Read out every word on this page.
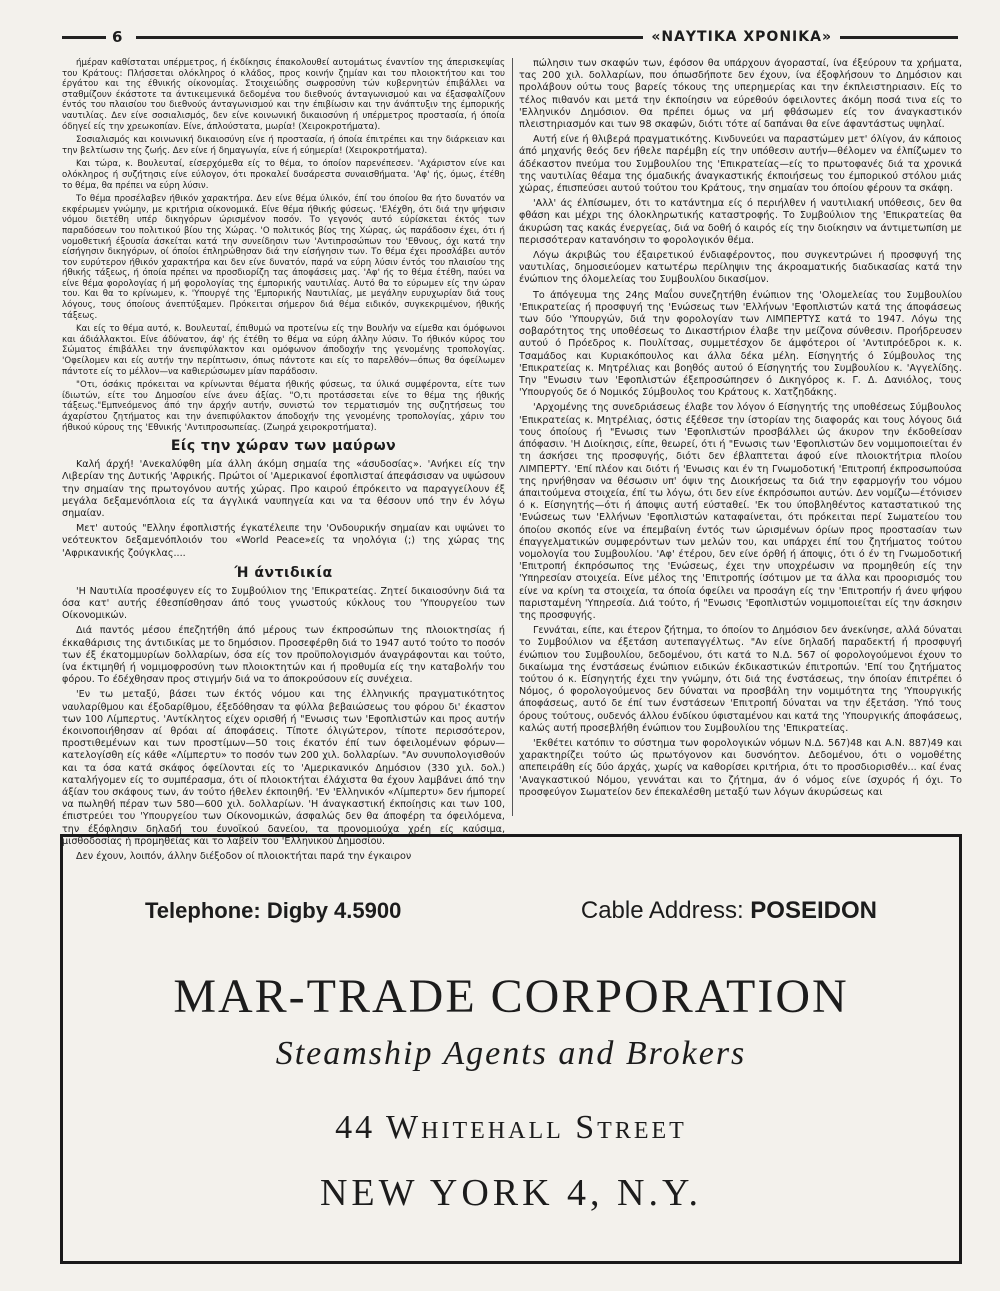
6	«ΝΑΥΤΙΚΑ ΧΡΟΝΙΚΑ»

ήμέραν καθίσταται υπέρμετρος, ή έκδίκησις έπακολουθεί αυτομάτως έναντίον της άπερισκεψίας του Κράτους: Πλήσσεται ολόκληρος ό κλάδος, προς κοινήν ζημίαν και του πλοιοκτήτου και του έργάτου και της έθνικής οίκονομίας. Στοιχειώδης σωφροσύνη τών κυβερνητών έπιβάλλει να σταθμίζουν έκάστοτε τα άντικειμενικά δεδομένα του διεθνούς άνταγωνισμού και να έξασφαλίζουν έντός του πλαισίου του διεθνούς άνταγωνισμού και την έπιβίωσιν και την άνάπτυξιν της έμπορικής ναυτιλίας. Δεν είνε σοσιαλισμός, δεν είνε κοινωνική δικαιοσύνη ή υπέρμετρος προστασία, ή όποία όδηγεί είς την χρεωκοπίαν. Είνε, άπλούστατα, μωρία! (Χειροκροτήματα).

Σοσιαλισμός και κοινωνική δικαιοσύνη είνε ή προστασία, ή όποία έπιτρέπει και την διάρκειαν και την βελτίωσιν της ζωής. Δεν είνε ή δημαγωγία, είνε ή εύημερία! (Χειροκροτήματα).

Και τώρα, κ. Βουλευταί, είσερχόμεθα είς το θέμα, το όποίον παρενέπεσεν. 'Αχάριστον είνε και ολόκληρος ή συζήτησις είνε εύλογον, ότι προκαλεί δυσάρεστα συναισθήματα. 'Αφ' ής, όμως, έτέθη το θέμα, θα πρέπει να εύρη λύσιν.

Το θέμα προσέλαβεν ήθικόν χαρακτήρα. Δεν είνε θέμα ύλικόν, έπί του όποίου θα ήτο δυνατόν να εκφέρωμεν γνώμην, με κριτήρια οίκονομικά. Είνε θέμα ήθικής φύσεως. 'Ελέχθη, ότι διά την ψήφισιν νόμου διετέθη υπέρ δικηγόρων ώρισμένον ποσόν. Το γεγονός αυτό εύρίσκεται έκτός των παραδόσεων του πολιτικού βίου της Χώρας. 'Ο πολιτικός βίος της Χώρας, ώς παράδοσιν έχει, ότι ή νομοθετική έξουσία άσκείται κατά την συνείδησιν των 'Αντιπροσώπων του 'Εθνους, όχι κατά την είσήγησιν δικηγόρων, οί όποίοι έπληρώθησαν διά την είσήγησιν των. Το θέμα έχει προσλάβει αυτόν τον ευρύτερον ήθικόν χαρακτήρα και δεν είνε δυνατόν, παρά να εύρη λύσιν έντός του πλαισίου της ήθικής τάξεως, ή όποία πρέπει να προσδιορίζη τας άποφάσεις μας. 'Αφ' ής το θέμα έτέθη, παύει να είνε θέμα φορολογίας ή μή φορολογίας της έμπορικής ναυτιλίας. Αυτό θα το εύρωμεν είς την ώραν του. Και θα το κρίνωμεν, κ. 'Υπουργέ της 'Εμπορικής Ναυτιλίας, με μεγάλην ευρυχωρίαν διά τους λόγους, τους όποίους άνεπτύξαμεν. Πρόκειται σήμερον διά θέμα ειδικόν, συγκεκριμένον, ήθικής τάξεως.

Και είς το θέμα αυτό, κ. Βουλευταί, έπιθυμώ να προτείνω είς την Βουλήν να είμεθα και όμόφωνοι και άδιάλλακτοι. Είνε άδύνατον, άφ' ής έτέθη το θέμα να εύρη άλλην λύσιν. Το ήθικόν κύρος του Σώματος έπιβάλλει την άνεπιφύλακτον και ομόφωνον άποδοχήν της γενομένης τροπολογίας. 'Οφείλομεν και είς αυτήν την περίπτωσιν, όπως πάντοτε και είς το παρελθόν—όπως θα όφείλωμεν πάντοτε είς το μέλλον—να καθιερώσωμεν μίαν παράδοσιν.

"Οτι, όσάκις πρόκειται να κρίνωνται θέματα ήθικής φύσεως, τα ύλικά συμφέροντα, είτε των ίδιωτών, είτε του Δημοσίου είνε άνευ άξίας. "Ο,τι προτάσσεται είνε το θέμα της ήθικής τάξεως."Εμπνεόμενος άπό την άρχήν αυτήν, συνιστώ τον τερματισμόν της συζητήσεως του άχαρίστου ζητήματος και την άνεπιφύλακτον άποδοχήν της γενομένης τροπολογίας, χάριν του ήθικού κύρους της 'Εθνικής 'Αντιπροσωπείας. (Ζωηρά χειροκροτήματα).

Είς την χώραν των μαύρων

Καλή άρχή! 'Ανεκαλύφθη μία άλλη άκόμη σημαία της «άσυδοσίας». 'Ανήκει είς την Λιβερίαν της Δυτικής 'Αφρικής. Πρώτοι οί 'Αμερικανοί έφοπλισταί άπεφάσισαν να υψώσουν την σημαίαν της πρωτογόνου αυτής χώρας. Προ καιρού έπρόκειτο να παραγγείλουν έξ μεγάλα δεξαμενόπλοια είς τα άγγλικά ναυπηγεία και να τα θέσουν υπό την έν λόγω σημαίαν.

Μετ' αυτούς "Ελλην έφοπλιστής έγκατέλειπε την 'Ονδουρικήν σημαίαν και υψώνει το νεότευκτον δεξαμενόπλοιόν του «World Peace»είς τα νηολόγια (;) της χώρας της 'Αφρικανικής ζούγκλας....

Ή άντιδικία

'Η Ναυτιλία προσέφυγεν είς το Συμβούλιον της 'Επικρατείας. Ζητεί δικαιοσύνην διά τα όσα κατ' αυτής έθεσπίσθησαν άπό τους γνωστούς κύκλους του 'Υπουργείου των Οίκονομικών.

Διά παντός μέσου έπεζητήθη άπό μέρους των έκπροσώπων της πλοιοκτησίας ή έκκαθάρισις της άντιδικίας με το δημόσιον. Προσεφέρθη διά το 1947 αυτό τούτο το ποσόν των έξ έκατομμυρίων δολλαρίων, όσα είς τον προϋπολογισμόν άναγράφονται και τούτο, ίνα έκτιμηθή ή νομιμοφροσύνη των πλοιοκτητών και ή προθυμία είς την καταβολήν του φόρου. Το έδέχθησαν προς στιγμήν διά να το άποκρούσουν είς συνέχεια.

'Εν τω μεταξύ, βάσει των έκτός νόμου και της έλληνικής πραγματικότητος ναυλαρίθμου και έξοδαρίθμου, έξεδόθησαν τα φύλλα βεβαιώσεως του φόρου δι' έκαστον των 100 Λίμπερτυς. 'Αντίκλητος είχεν ορισθή ή "Ενωσις των 'Εφοπλιστών και προς αυτήν έκοινοποιήθησαν αί θρόαι αί άποφάσεις. Τίποτε όλιγώτερον, τίποτε περισσότερον, προστιθεμένων και των προστίμων—50 τοις έκατόν έπί των όφειλομένων φόρων—κατελογίσθη είς κάθε «Λίμπερτυ» το ποσόν των 200 χιλ. δολλαρίων. "Αν συνυπολογισθούν και τα όσα κατά σκάφος όφείλονται είς το 'Αμερικανικόν Δημόσιον (330 χιλ. δολ.) καταλήγομεν είς το συμπέρασμα, ότι οί πλοιοκτήται έλάχιστα θα έχουν λαμβάνει άπό την άξίαν του σκάφους των, άν τούτο ήθελεν έκποιηθή. 'Εν 'Ελληνικόν «Λίμπερτυ» δεν ήμπορεί να πωληθή πέραν των 580—600 χιλ. δολλαρίων. 'Η άναγκαστική έκποίησις και των 100, έπιστρεύει του 'Υπουργείου των Οίκονομικών, άσφαλώς δεν θα άποφέρη τα όφειλόμενα, την έξόφλησιν δηλαδή του έυνοϊκού δανείου, τα προνομιούχα χρέη είς καύσιμα, μισθοδοσίας ή προμηθείας και το λαβείν του 'Ελληνικού Δημοσίου.

Δεν έχουν, λοιπόν, άλλην διέξοδον οί πλοιοκτήται παρά την έγκαιρον

πώλησιν των σκαφών των, έφόσον θα υπάρχουν άγορασταί, ίνα έξεύρουν τα χρήματα, τας 200 χιλ. δολλαρίων, που όπωσδήποτε δεν έχουν, ίνα έξοφλήσουν το Δημόσιον και προλάβουν ούτω τους βαρείς τόκους της υπερημερίας και την έκπλειστηριασιν. Είς το τέλος πιθανόν και μετά την έκποίησιν να εύρεθούν όφειλοντες άκόμη ποσά τινα είς το 'Ελληνικόν Δημόσιον. Θα πρέπει όμως να μή φθάσωμεν είς τον άναγκαστικόν πλειστηριασμόν και των 98 σκαφών, διότι τότε αί δαπάναι θα είνε άφαντάστως υψηλαί.

Αυτή είνε ή θλιβερά πραγματικότης. Κινδυνεύει να παραστώμεν μετ' όλίγον, άν κάποιος άπό μηχανής θεός δεν ήθελε παρέμβη είς την υπόθεσιν αυτήν—θέλομεν να έλπίζωμεν το άδέκαστον πνεύμα του Συμβουλίου της 'Επικρατείας—είς το πρωτοφανές διά τα χρονικά της ναυτιλίας θέαμα της όμαδικής άναγκαστικής έκποιήσεως του έμπορικού στόλου μιάς χώρας, έπισπεύσει αυτού τούτου του Κράτους, την σημαίαν του όποίου φέρουν τα σκάφη.

'Αλλ' άς έλπίσωμεν, ότι το κατάντημα είς ό περιήλθεν ή ναυτιλιακή υπόθεσις, δεν θα φθάση και μέχρι της όλοκληρωτικής καταστροφής. Το Συμβούλιον της 'Επικρατείας θα άκυρώση τας κακάς ένεργείας, διά να δοθή ό καιρός είς την διοίκησιν να άντιμετωπίση με περισσότεραν κατανόησιν το φορολογικόν θέμα.

Λόγω άκριβώς του έξαιρετικού ένδιαφέροντος, που συγκεντρώνει ή προσφυγή της ναυτιλίας, δημοσιεύομεν κατωτέρω περίληψιν της άκροαματικής διαδικασίας κατά την ένώπιον της όλομελείας του Συμβουλίου δικασίμον.

Το άπόγευμα της 24ης Μαΐου συνεζητήθη ένώπιον της 'Ολομελείας του Συμβουλίου 'Επικρατείας ή προσφυγή της 'Ενώσεως των 'Ελλήνων 'Εφοπλιστών κατά της άποφάσεως των δύο 'Υπουργών, διά την φορολογίαν των ΛΙΜΠΕΡΤΥΣ κατά το 1947. Λόγω της σοβαρότητος της υποθέσεως το Δικαστήριον έλαβε την μείζονα σύνθεσιν. Προήδρευσεν αυτού ό Πρόεδρος κ. Πουλίτσας, συμμετέσχον δε άμφότεροι οί 'Αντιπρόεδροι κ. κ. Τσαμάδος και Κυριακόπουλος και άλλα δέκα μέλη. Είσηγητής ό Σύμβουλος της 'Επικρατείας κ. Μητρέλιας και βοηθός αυτού ό Είσηγητής του Συμβουλίου κ. 'Αγγελίδης. Την "Ενωσιν των 'Εφοπλιστών έξεπροσώπησεν ό Δικηγόρος κ. Γ. Δ. Δανιόλος, τους 'Υπουργούς δε ό Νομικός Σύμβουλος του Κράτους κ. Χατζηδάκης.

'Αρχομένης της συνεδριάσεως έλαβε τον λόγον ό Είσηγητής της υποθέσεως Σύμβουλος 'Επικρατείας κ. Μητρέλιας, όστις έξέθεσε την ίστορίαν της διαφοράς και τους λόγους διά τους όποίους ή "Ενωσις των 'Εφοπλιστών προσβάλλει ώς άκυρον την έκδοθείσαν άπόφασιν. 'Η Διοίκησις, είπε, θεωρεί, ότι ή "Ενωσις των 'Εφοπλιστών δεν νομιμοποιείται έν τη άσκήσει της προσφυγής, διότι δεν έβλαπτεται άφού είνε πλοιοκτήτρια πλοίου ΛΙΜΠΕΡΤΥ. 'Επί πλέον και διότι ή 'Ενωσις και έν τη Γνωμοδοτική 'Επιτροπή έκπροσωπούσα της ηρνήθησαν να θέσωσιν υπ' όψιν της Διοικήσεως τα διά την εφαρμογήν του νόμου άπαιτούμενα στοιχεία, έπί τω λόγω, ότι δεν είνε έκπρόσωποι αυτών. Δεν νομίζω—έτόνισεν ό κ. Είσηγητής—ότι ή άποψις αυτή εύσταθεί. 'Εκ του ύποβληθέντος καταστατικού της 'Ενώσεως των 'Ελλήνων 'Εφοπλιστών καταφαίνεται, ότι πρόκειται περί Σωματείου του όποίου σκοπός είνε να έπεμβαίνη έντός των ώρισμένων όρίων προς προστασίαν των έπαγγελματικών συμφερόντων των μελών του, και υπάρχει έπί του ζητήματος τούτου νομολογία του Συμβουλίου. 'Αφ' έτέρου, δεν είνε όρθή ή άποψις, ότι ό έν τη Γνωμοδοτική 'Επιτροπή έκπρόσωπος της 'Ενώσεως, έχει την υποχρέωσιν να προμηθεύη είς την 'Υπηρεσίαν στοιχεία. Είνε μέλος της 'Επιτροπής ίσότιμον με τα άλλα και προορισμός του είνε να κρίνη τα στοιχεία, τα όποία όφείλει να προσάγη είς την 'Επιτροπήν ή άνευ ψήφου παρισταμένη 'Υπηρεσία. Διά τούτο, ή "Ενωσις 'Εφοπλιστών νομιμοποιείται είς την άσκησιν της προσφυγής.

Γεννάται, είπε, και έτερον ζήτημα, το όποίον το Δημόσιον δεν άνεκίνησε, αλλά δύναται το Συμβούλιον να έξετάση αυτεπαγγέλτως. "Αν είνε δηλαδή παραδεκτή ή προσφυγή ένώπιον του Συμβουλίου, δεδομένου, ότι κατά το Ν.Δ. 567 οί φορολογούμενοι έχουν το δικαίωμα της ένστάσεως ένώπιον ειδικών έκδικαστικών έπιτροπών. 'Επί του ζητήματος τούτου ό κ. Είσηγητής έχει την γνώμην, ότι διά της ένστάσεως, την όποίαν έπιτρέπει ό Νόμος, ό φορολογούμενος δεν δύναται να προσβάλη την νομιμότητα της 'Υπουργικής άποφάσεως, αυτό δε έπί των ένστάσεων 'Επιτροπή δύναται να την έξετάση. 'Υπό τους όρους τούτους, ουδενός άλλου ένδίκου ύφισταμένου και κατά της 'Υπουργικής άποφάσεως, καλώς αυτή προσεβλήθη ένώπιον του Συμβουλίου της 'Επικρατείας.

'Εκθέτει κατόπιν το σύστημα των φορολογικών νόμων Ν.Δ. 567)48 και Α.Ν. 887)49 και χαρακτηρίζει τούτο ώς πρωτόγονον και δυσνόητον. Δεδομένου, ότι ο νομοθέτης απεπειράθη είς δύο άρχάς, χωρίς να καθορίσει κριτήρια, ότι το προσδιορισθέν... καί ένας 'Αναγκαστικού Νόμου, γεννάται και το ζήτημα, άν ό νόμος είνε ίσχυρός ή όχι. Το προσφεύγον Σωματείον δεν έπεκαλέσθη μεταξύ των λόγων άκυρώσεως και

Telephone: Digby 4.5900	Cable Address: POSEIDON
MAR-TRADE CORPORATION
Steamship Agents and Brokers
44 Whitehall Street
NEW YORK 4, N.Y.
